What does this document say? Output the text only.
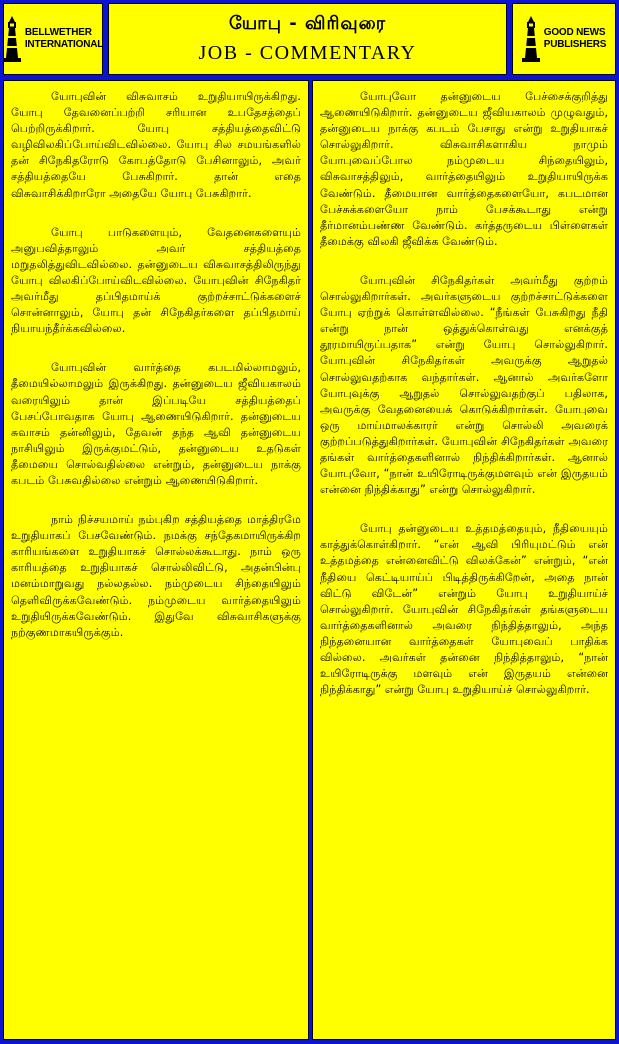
BELLWETHER
INTERNATIONAL
யோபு - விரிவுரை
JOB - COMMENTARY
GOOD NEWS
PUBLISHERS

யோபுவின் விசுவாசம் உறுதியாயிருக்கிறது. யோபு தேவனைப்பற்றி சரியான உபதேசத்தைப் பெற்றிருக்கிறார். யோபு சத்தியத்தைவிட்டு வழிவிலகிப்போய்விடவில்லை. யோபு சில சமயங்களில் தன் சிநேகிதரோடு கோபத்தோடு பேசினாலும், அவர் சத்தியத்தையே பேசுகிறார். தான் எதை விசுவாசிக்கிறாரோ அதையே யோபு பேசுகிறார்.

யோபு பாடுகளையும், வேதனைகளையும் அனுபவித்தாலும் அவர் சத்தியத்தை மறுதலித்துவிடவில்லை. தன்னுடைய விசுவாசத்திலிருந்து யோபு விலகிப்போய்விடவில்லை. யோபுவின் சிநேகிதர் அவர்மீது தப்பிதமாய்க் குற்றச்சாட்டுக்களைச் சொன்னாலும், யோபு தன் சிநேகிதர்களை தப்பிதமாய் நியாயந்தீர்க்கவில்லை.

யோபுவின் வார்த்தை கபடமில்லாமலும், தீமையில்லாமலும் இருக்கிறது. தன்னுடைய ஜீவியகாலம் வரையிலும் தான் இப்படியே சத்தியத்தைப் பேசப்போவதாக யோபு ஆணையிடுகிறார். தன்னுடைய சுவாசம் தன்னிலும், தேவன் தந்த ஆவி தன்னுடைய நாசியிலும் இருக்குமட்டும், தன்னுடைய உதடுகள் தீமையை சொல்வதில்லை என்றும், தன்னுடைய நாக்கு கபடம் பேசுவதில்லை என்றும் ஆணையிடுகிறார்.

நாம் நிச்சயமாய் நம்புகிற சத்தியத்தை மாத்திரமே உறுதியாகப் பேசவேண்டும். நமக்கு சந்தேகமாயிருக்கிற காரியங்களை உறுதியாகச் சொல்லக்கூடாது. நாம் ஒரு காரியத்தை உறுதியாகச் சொல்லிவிட்டு, அதன்பின்பு மனம்மாறுவது நல்லதல்ல. நம்முடைய சிந்தையிலும் தெளிவிருக்கவேண்டும். நம்முடைய வார்த்தையிலும் உறுதியிருக்கவேண்டும். இதுவே விசுவாசிகளுக்கு நற்குணமாகயிருக்கும்.

யோபுவோ தன்னுடைய பேச்சைக்குறித்து ஆணையிடுகிறார். தன்னுடைய ஜீவியகாலம் முழுவதும், தன்னுடைய நாக்கு கபடம் பேசாது என்று உறுதியாகச் சொல்லுகிறார். விசுவாசிகளாகிய நாமும் யோபுவைப்போல நம்முடைய சிந்தையிலும், விசுவாசத்திலும், வார்த்தையிலும் உறுதியாயிருக்க வேண்டும். தீமையான வார்த்தைகளையோ, கபடமான பேச்சுக்களையோ நாம் பேசக்கூடாது என்று தீர்மானம்பண்ண வேண்டும். கர்த்தருடைய பிள்ளைகள் தீமைக்கு விலகி ஜீவிக்க வேண்டும்.

யோபுவின் சிநேகிதர்கள் அவர்மீது குற்றம் சொல்லுகிறார்கள். அவர்களுடைய குற்றச்சாட்டுக்களை யோபு ஏற்றுக் கொள்ளவில்லை. “நீங்கள் பேசுகிறது நீதி என்று நான் ஒத்துக்கொள்வது எனக்குத் தூரமாயிருப்பதாக” என்று யோபு சொல்லுகிறார். யோபுவின் சிநேகிதர்கள் அவருக்கு ஆறுதல் சொல்லுவதற்காக வந்தார்கள். ஆனால் அவர்களோ யோபுவுக்கு ஆறுதல் சொல்லுவதற்குப் பதிலாக, அவருக்கு வேதனையைக் கொடுக்கிறார்கள். யோபுவை ஒரு மாய்மாலக்காரர் என்று சொல்லி அவரைக் குற்றப்படுத்துகிறார்கள். யோபுவின் சிநேகிதர்கள் அவரை தங்கள் வார்த்தைகளினால் நிந்திக்கிறார்கள். ஆனால் யோபுவோ, “நான் உயிரோடிருக்குமளவும் என் இருதயம் என்னை நிந்திக்காது” என்று சொல்லுகிறார்.

யோபு தன்னுடைய உத்தமத்தையும், நீதியையும் காத்துக்கொள்கிறார். “என் ஆவி பிரியுமட்டும் என் உத்தமத்தை என்னைவிட்டு விலக்கேன்” என்றும், “என் நீதியை கெட்டியாய்ப் பிடித்திருக்கிறேன், அதை நான் விட்டு விடேன்” என்றும் யோபு உறுதியாய்ச் சொல்லுகிறார். யோபுவின் சிநேகிதர்கள் தங்களுடைய வார்த்தைகளினால் அவரை நிந்தித்தாலும், அந்த நிந்தனையான வார்த்தைகள் யோபுவைப் பாதிக்க வில்லை. அவர்கள் தன்னை நிந்தித்தாலும், “நான் உயிரோடிருக்கு மளவும் என் இருதயம் என்னை நிந்திக்காது” என்று யோபு உறுதியாய்ச் சொல்லுகிறார்.
